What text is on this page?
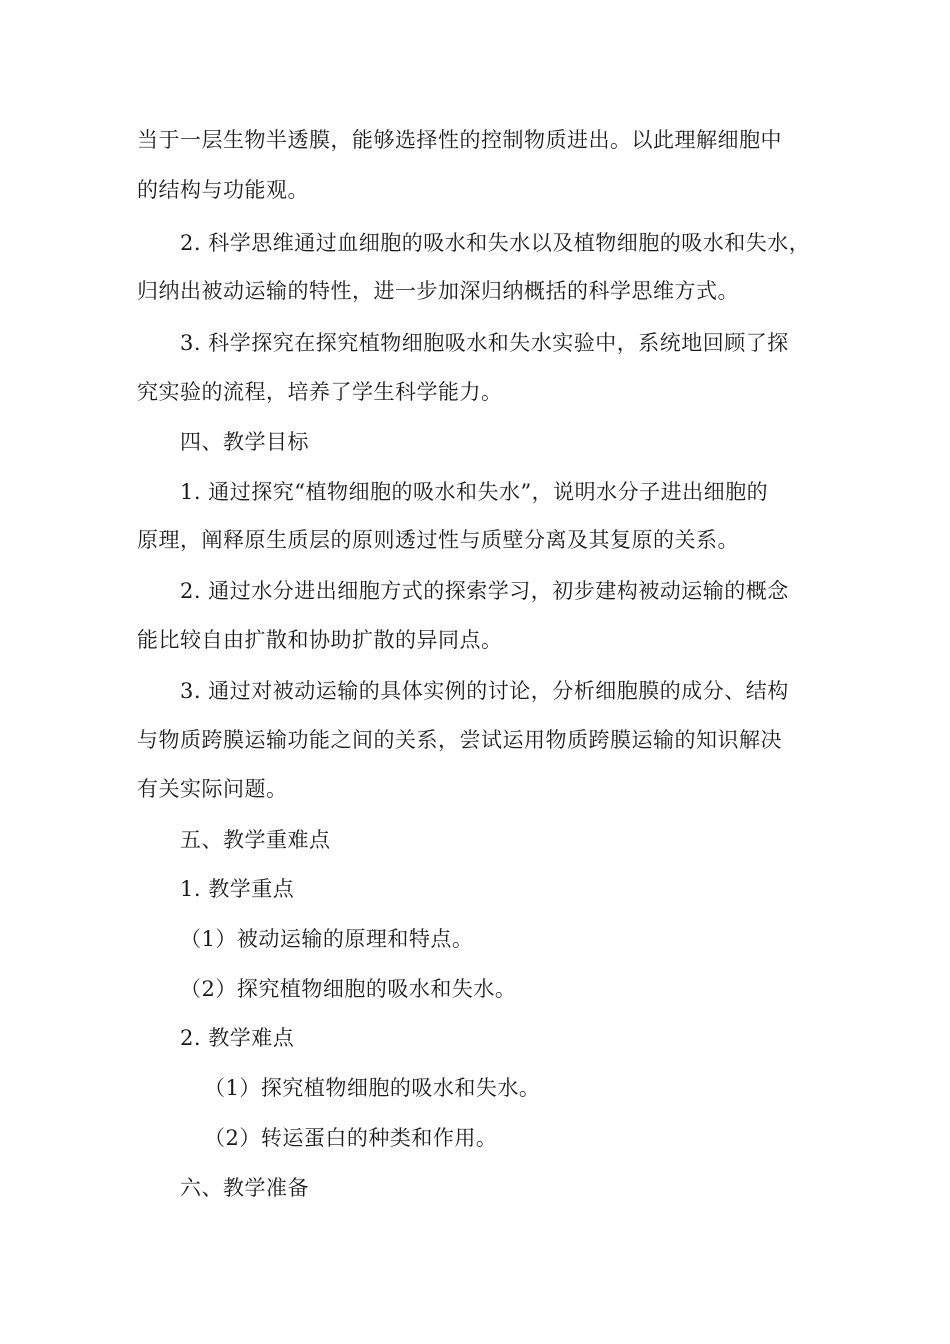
当于一层生物半透膜，能够选择性的控制物质进出。以此理解细胞中
的结构与功能观。
2. 科学思维通过血细胞的吸水和失水以及植物细胞的吸水和失水，
归纳出被动运输的特性，进一步加深归纳概括的科学思维方式。
3. 科学探究在探究植物细胞吸水和失水实验中，系统地回顾了探
究实验的流程，培养了学生科学能力。
四、教学目标
1. 通过探究“植物细胞的吸水和失水”，说明水分子进出细胞的
原理，阐释原生质层的原则透过性与质壁分离及其复原的关系。
2. 通过水分进出细胞方式的探索学习，初步建构被动运输的概念
能比较自由扩散和协助扩散的异同点。
3. 通过对被动运输的具体实例的讨论，分析细胞膜的成分、结构
与物质跨膜运输功能之间的关系，尝试运用物质跨膜运输的知识解决
有关实际问题。
五、教学重难点
1. 教学重点
（1）被动运输的原理和特点。
（2）探究植物细胞的吸水和失水。
2. 教学难点
（1）探究植物细胞的吸水和失水。
（2）转运蛋白的种类和作用。
六、教学准备
